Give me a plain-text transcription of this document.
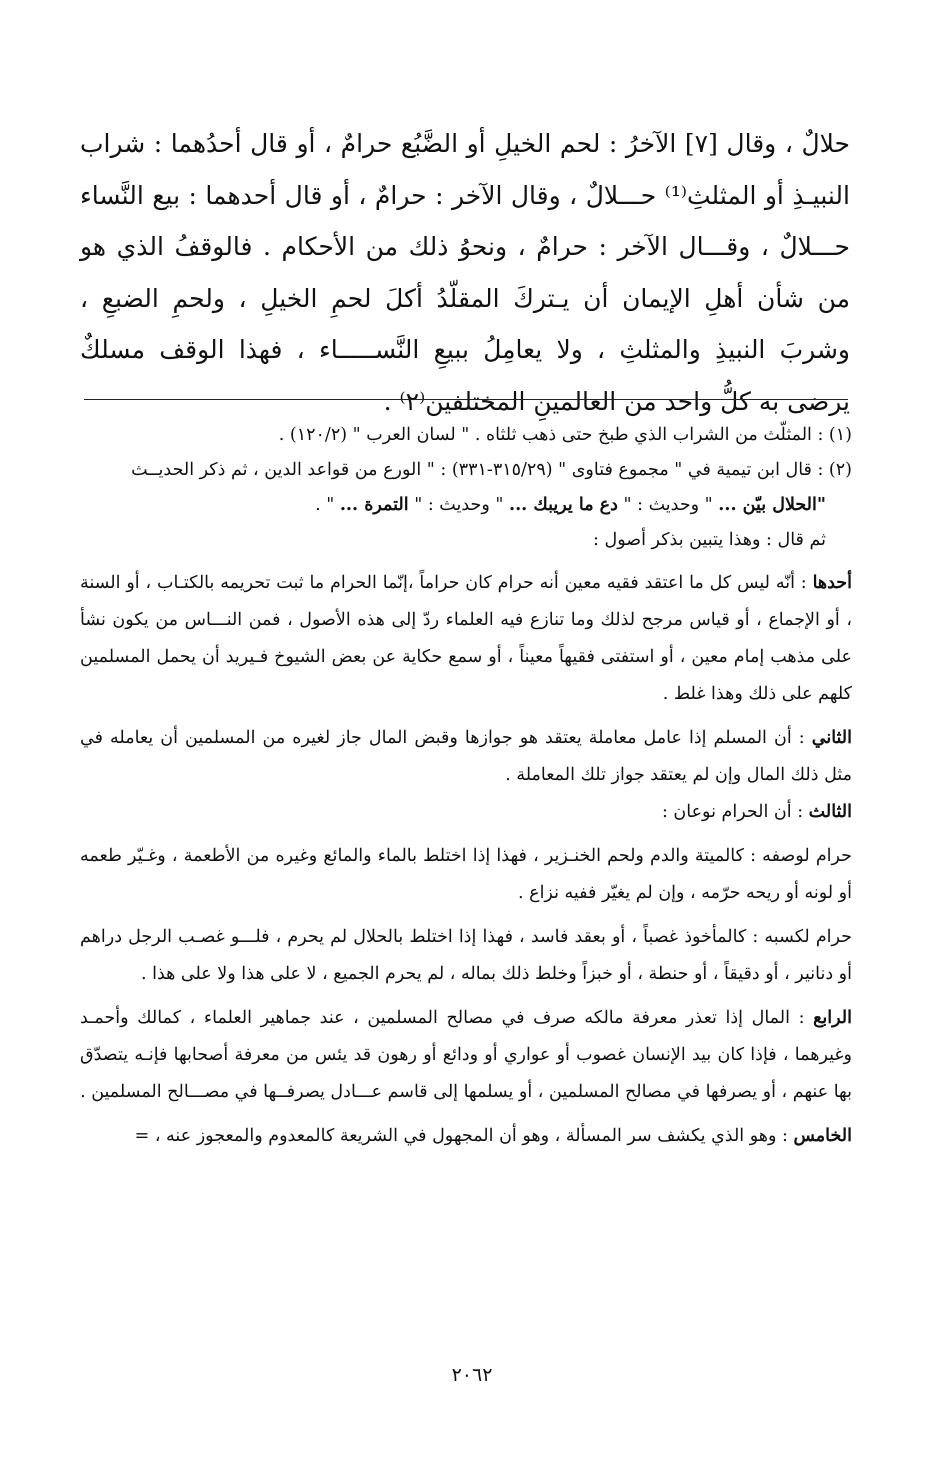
حلالٌ ، وقال [٧] الآخرُ : لحم الخيلِ أو الضَّبُع حرامٌ ، أو قال أحدُهما : شراب النبيـذِ أو المثلثِ⁽¹⁾ حـــلالٌ ، وقال الآخر : حرامٌ ، أو قال أحدهما : بيع النَّساء حـــلالٌ ، وقـــال الآخر : حرامٌ ، ونحوُ ذلك من الأحكام . فالوقفُ الذي هو من شأن أهلِ الإيمان أن يـتركَ المقلّدُ أكلَ لحمِ الخيلِ ، ولحمِ الضبعِ ، وشربَ النبيذِ والمثلثِ ، ولا يعامِلُ ببيعِ النَّســـــاء ، فهذا الوقف مسلكٌ يرضى به كلُّ واحد من العالمينِ المختلفين⁽٢⁾ .

(١) : المثلّث من الشراب الذي طبخ حتى ذهب ثلثاه . " لسان العرب " (١٢٠/٢) .

(٢) : قال ابن تيمية في " مجموع فتاوى " (٣١٥/٢٩-٣٣١) : " الورع من قواعد الدين ، ثم ذكر الحديــث

"الحلال بيّن ... " وحديث : " دع ما يريبك ... " وحديث : " التمرة ... " .

ثم قال : وهذا يتبين بذكر أصول :

أحدها : أنّه ليس كل ما اعتقد فقيه معين أنه حرام كان حراماً ،إنّما الحرام ما ثبت تحريمه بالكتـاب ، أو السنة ، أو الإجماع ، أو قياس مرجح لذلك وما تنازع فيه العلماء ردّ إلى هذه الأصول ، فمن النـــاس من يكون نشأ على مذهب إمام معين ، أو استفتى فقيهاً معيناً ، أو سمع حكاية عن بعض الشيوخ فـيريد أن يحمل المسلمين كلهم على ذلك وهذا غلط .

الثاني : أن المسلم إذا عامل معاملة يعتقد هو جوازها وقبض المال جاز لغيره من المسلمين أن يعامله في مثل ذلك المال وإن لم يعتقد جواز تلك المعاملة .

الثالث : أن الحرام نوعان :

حرام لوصفه : كالميتة والدم ولحم الخنـزير ، فهذا إذا اختلط بالماء والمائع وغيره من الأطعمة ، وغـيّر طعمه أو لونه أو ريحه حرّمه ، وإن لم يغيّر ففيه نزاع .

حرام لكسبه : كالمأخوذ غصباً ، أو بعقد فاسد ، فهذا إذا اختلط بالحلال لم يحرم ، فلـــو غصـب الرجل دراهم أو دنانير ، أو دقيقاً ، أو حنطة ، أو خبزاً وخلط ذلك بماله ، لم يحرم الجميع ، لا على هذا ولا على هذا .

الرابع : المال إذا تعذر معرفة مالكه صرف في مصالح المسلمين ، عند جماهير العلماء ، كمالك وأحمـد وغيرهما ، فإذا كان بيد الإنسان غصوب أو عواري أو ودائع أو رهون قد يئس من معرفة أصحابها فإنـه يتصدّق بها عنهم ، أو يصرفها في مصالح المسلمين ، أو يسلمها إلى قاسم عـــادل يصرفــها في مصـــالح المسلمين .

الخامس : وهو الذي يكشف سر المسألة ، وهو أن المجهول في الشريعة كالمعدوم والمعجوز عنه ، =

٢٠٦٢
